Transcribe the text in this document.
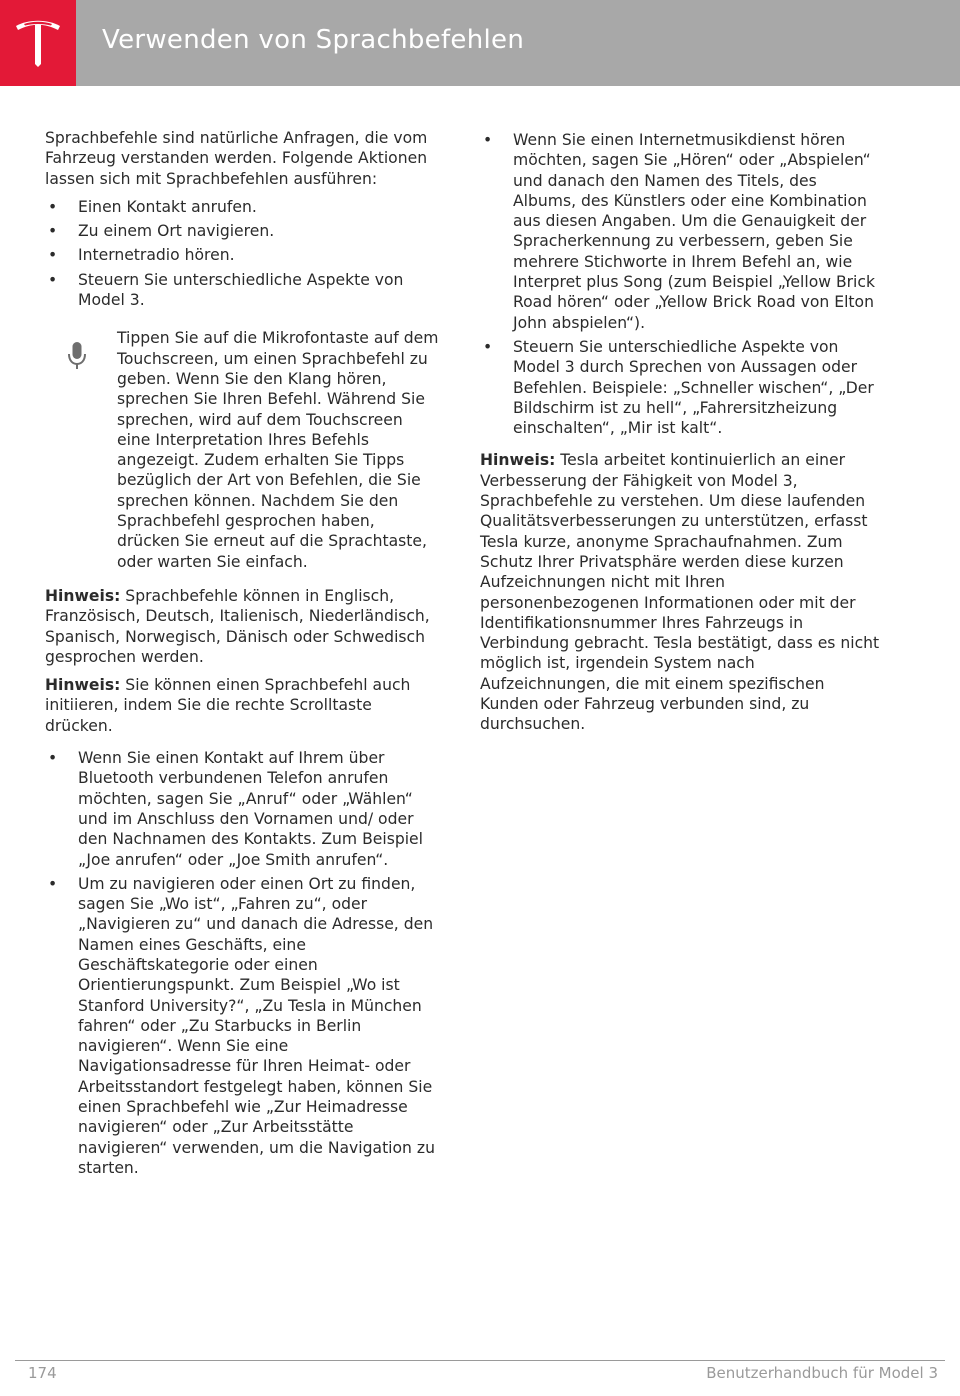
Verwenden von Sprachbefehlen

Sprachbefehle sind natürliche Anfragen, die vom Fahrzeug verstanden werden. Folgende Aktionen lassen sich mit Sprachbefehlen ausführen:

• Einen Kontakt anrufen.
• Zu einem Ort navigieren.
• Internetradio hören.
• Steuern Sie unterschiedliche Aspekte von Model 3.
Tippen Sie auf die Mikrofontaste auf dem Touchscreen, um einen Sprachbefehl zu geben. Wenn Sie den Klang hören, sprechen Sie Ihren Befehl. Während Sie sprechen, wird auf dem Touchscreen eine Interpretation Ihres Befehls angezeigt. Zudem erhalten Sie Tipps bezüglich der Art von Befehlen, die Sie sprechen können. Nachdem Sie den Sprachbefehl gesprochen haben, drücken Sie erneut auf die Sprachtaste, oder warten Sie einfach.

Hinweis: Sprachbefehle können in Englisch, Französisch, Deutsch, Italienisch, Niederländisch, Spanisch, Norwegisch, Dänisch oder Schwedisch gesprochen werden.

Hinweis: Sie können einen Sprachbefehl auch initiieren, indem Sie die rechte Scrolltaste drücken.

• Wenn Sie einen Kontakt auf Ihrem über Bluetooth verbundenen Telefon anrufen möchten, sagen Sie „Anruf“ oder „Wählen“ und im Anschluss den Vornamen und/ oder den Nachnamen des Kontakts. Zum Beispiel „Joe anrufen“ oder „Joe Smith anrufen“.
• Um zu navigieren oder einen Ort zu finden, sagen Sie „Wo ist“, „Fahren zu“, oder „Navigieren zu“ und danach die Adresse, den Namen eines Geschäfts, eine Geschäftskategorie oder einen Orientierungspunkt. Zum Beispiel „Wo ist Stanford University?“, „Zu Tesla in München fahren“ oder „Zu Starbucks in Berlin navigieren“. Wenn Sie eine Navigationsadresse für Ihren Heimat- oder Arbeitsstandort festgelegt haben, können Sie einen Sprachbefehl wie „Zur Heimadresse navigieren“ oder „Zur Arbeitsstätte navigieren“ verwenden, um die Navigation zu starten.
• Wenn Sie einen Internetmusikdienst hören möchten, sagen Sie „Hören“ oder „Abspielen“ und danach den Namen des Titels, des Albums, des Künstlers oder eine Kombination aus diesen Angaben. Um die Genauigkeit der Spracherkennung zu verbessern, geben Sie mehrere Stichworte in Ihrem Befehl an, wie Interpret plus Song (zum Beispiel „Yellow Brick Road hören“ oder „Yellow Brick Road von Elton John abspielen“).
• Steuern Sie unterschiedliche Aspekte von Model 3 durch Sprechen von Aussagen oder Befehlen. Beispiele: „Schneller wischen“, „Der Bildschirm ist zu hell“, „Fahrersitzheizung einschalten“, „Mir ist kalt“.

Hinweis: Tesla arbeitet kontinuierlich an einer Verbesserung der Fähigkeit von Model 3, Sprachbefehle zu verstehen. Um diese laufenden Qualitätsverbesserungen zu unterstützen, erfasst Tesla kurze, anonyme Sprachaufnahmen. Zum Schutz Ihrer Privatsphäre werden diese kurzen Aufzeichnungen nicht mit Ihren personenbezogenen Informationen oder mit der Identifikationsnummer Ihres Fahrzeugs in Verbindung gebracht. Tesla bestätigt, dass es nicht möglich ist, irgendein System nach Aufzeichnungen, die mit einem spezifischen Kunden oder Fahrzeug verbunden sind, zu durchsuchen.

174	Benutzerhandbuch für Model 3
